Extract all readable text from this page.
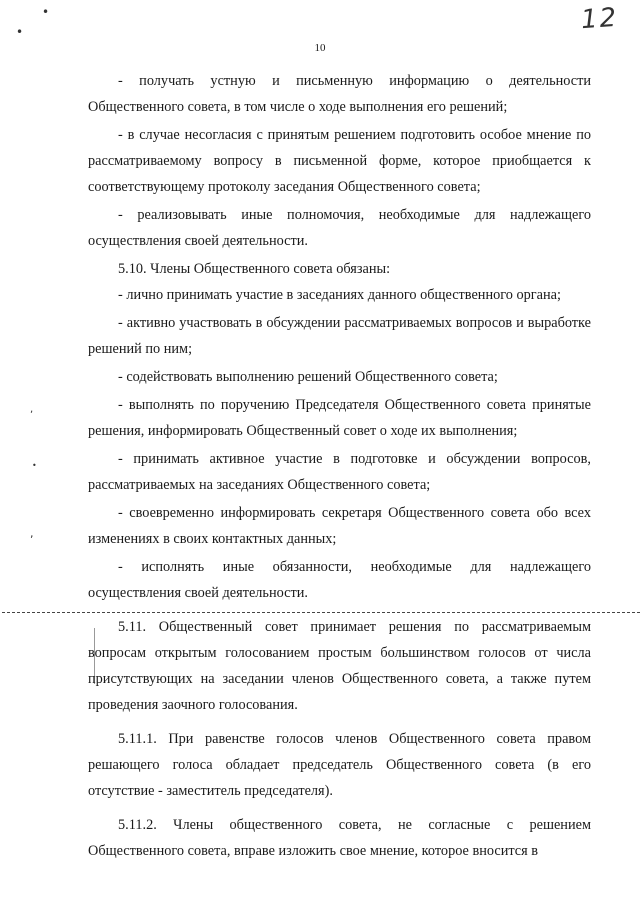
12
10
•
•
,
•
,

- получать устную и письменную информацию о деятельности Общественного совета, в том числе о ходе выполнения его решений;

- в случае несогласия с принятым решением подготовить особое мнение по рассматриваемому вопросу в письменной форме, которое приобщается к соответствующему протоколу заседания Общественного совета;

- реализовывать иные полномочия, необходимые для надлежащего осуществления своей деятельности.

5.10. Члены Общественного совета обязаны:

- лично принимать участие в заседаниях данного общественного органа;

- активно участвовать в обсуждении рассматриваемых вопросов и выработке решений по ним;

- содействовать выполнению решений Общественного совета;

- выполнять по поручению Председателя Общественного совета принятые решения, информировать Общественный совет о ходе их выполнения;

- принимать активное участие в подготовке и обсуждении вопросов, рассматриваемых на заседаниях Общественного совета;

- своевременно информировать секретаря Общественного совета обо всех изменениях в своих контактных данных;

- исполнять иные обязанности, необходимые для надлежащего осуществления своей деятельности.

5.11. Общественный совет принимает решения по рассматриваемым вопросам открытым голосованием простым большинством голосов от числа присутствующих на заседании членов Общественного совета, а также путем проведения заочного голосования.

5.11.1. При равенстве голосов членов Общественного совета правом решающего голоса обладает председатель Общественного совета (в его отсутствие - заместитель председателя).

5.11.2. Члены общественного совета, не согласные с решением Общественного совета, вправе изложить свое мнение, которое вносится в
